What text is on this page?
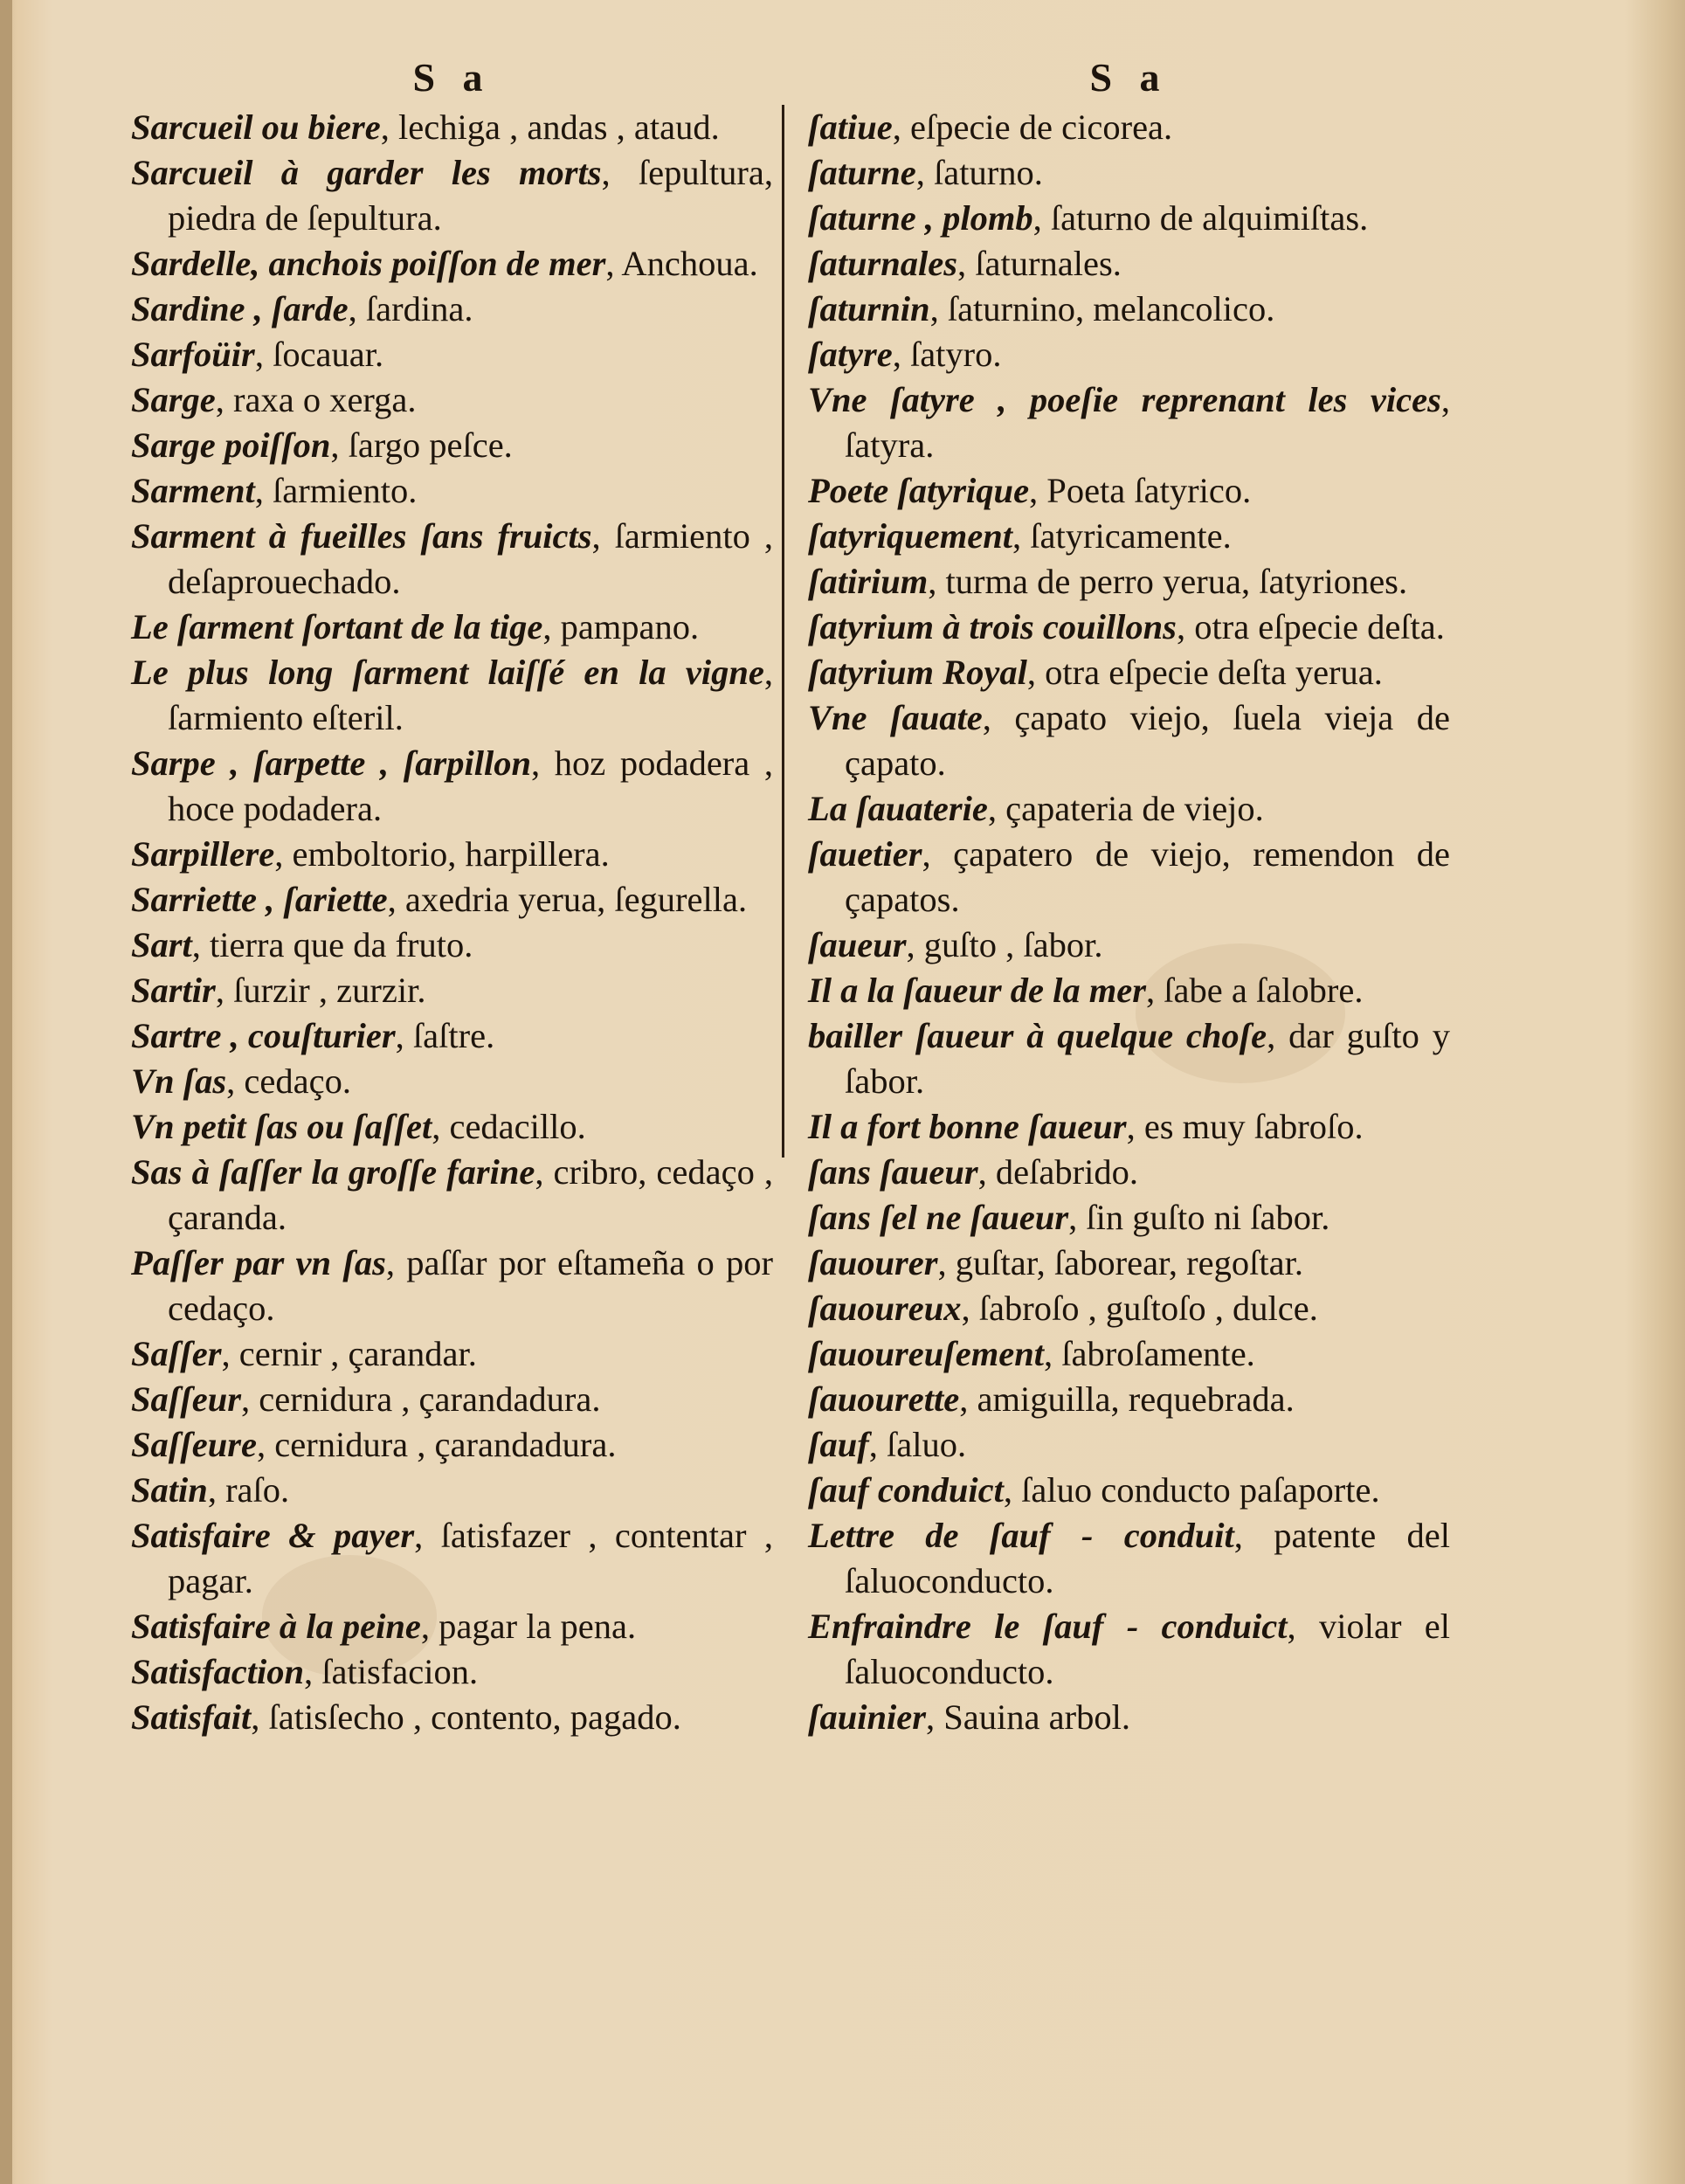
S a

Sarcueil ou biere, lechiga , andas , ataud.

Sarcueil à garder les morts, ſepultura, piedra de ſepultura.

Sardelle, anchois poiſſon de mer, Anchoua.

Sardine , ſarde, ſardina.

Sarfoüir, ſocauar.

Sarge, raxa o xerga.

Sarge poiſſon, ſargo peſce.

Sarment, ſarmiento.

Sarment à fueilles ſans fruicts, ſarmiento , deſaprouechado.

Le ſarment ſortant de la tige, pampano.

Le plus long ſarment laiſſé en la vigne, ſarmiento eſteril.

Sarpe , ſarpette , ſarpillon, hoz podadera , hoce podadera.

Sarpillere, emboltorio, harpillera.

Sarriette , ſariette, axedria yerua, ſegurella.

Sart, tierra que da fruto.

Sartir, ſurzir , zurzir.

Sartre , couſturier, ſaſtre.

Vn ſas, cedaço.

Vn petit ſas ou ſaſſet, cedacillo.

Sas à ſaſſer la groſſe farine, cribro, cedaço , çaranda.

Paſſer par vn ſas, paſſar por eſtameña o por cedaço.

Saſſer, cernir , çarandar.

Saſſeur, cernidura , çarandadura.

Saſſeure, cernidura , çarandadura.

Satin, raſo.

Satisfaire & payer, ſatisfazer , contentar , pagar.

Satisfaire à la peine, pagar la pena.

Satisfaction, ſatisfacion.

Satisfait, ſatisſecho , contento, pagado.

S a

ſatiue, eſpecie de cicorea.

ſaturne, ſaturno.

ſaturne , plomb, ſaturno de alquimiſtas.

ſaturnales, ſaturnales.

ſaturnin, ſaturnino, melancolico.

ſatyre, ſatyro.

Vne ſatyre , poeſie reprenant les vices, ſatyra.

Poete ſatyrique, Poeta ſatyrico.

ſatyriquement, ſatyricamente.

ſatirium, turma de perro yerua, ſatyriones.

ſatyrium à trois couillons, otra eſpecie deſta.

ſatyrium Royal, otra eſpecie deſta yerua.

Vne ſauate, çapato viejo, ſuela vieja de çapato.

La ſauaterie, çapateria de viejo.

ſauetier, çapatero de viejo, remendon de çapatos.

ſaueur, guſto , ſabor.

Il a la ſaueur de la mer, ſabe a ſalobre.

bailler ſaueur à quelque choſe, dar guſto y ſabor.

Il a fort bonne ſaueur, es muy ſabroſo.

ſans ſaueur, deſabrido.

ſans ſel ne ſaueur, ſin guſto ni ſabor.

ſauourer, guſtar, ſaborear, regoſtar.

ſauoureux, ſabroſo , guſtoſo , dulce.

ſauoureuſement, ſabroſamente.

ſauourette, amiguilla, requebrada.

ſauf, ſaluo.

ſauf conduict, ſaluo conducto paſaporte.

Lettre de ſauf - conduit, patente del ſaluoconducto.

Enfraindre le ſauf - conduict, violar el ſaluoconducto.

ſauinier, Sauina arbol.
